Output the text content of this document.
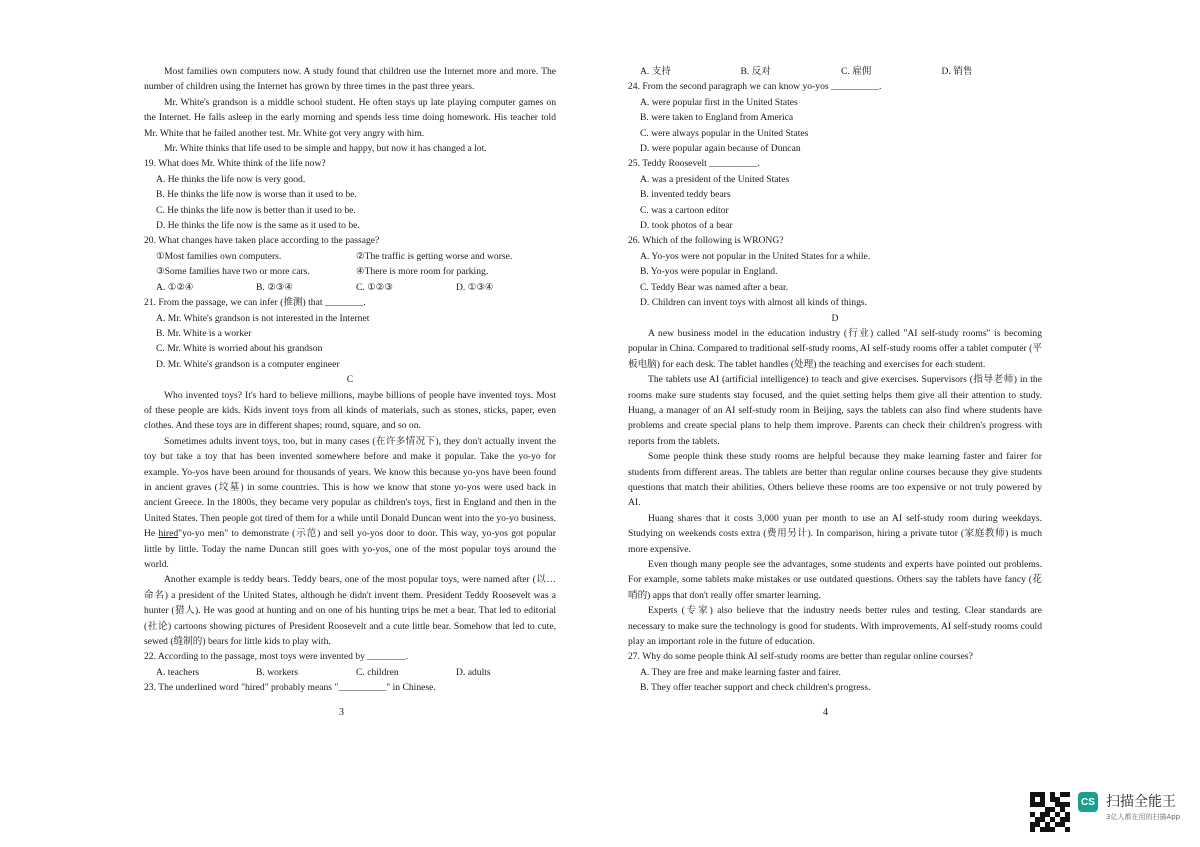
Most families own computers now. A study found that children use the Internet more and more. The number of children using the Internet has grown by three times in the past three years.

Mr. White's grandson is a middle school student. He often stays up late playing computer games on the Internet. He falls asleep in the early morning and spends less time doing homework. His teacher told Mr. White that he failed another test. Mr. White got very angry with him.

Mr. White thinks that life used to be simple and happy, but now it has changed a lot.

19. What does Mr. White think of the life now?

A. He thinks the life now is very good.

B. He thinks the life now is worse than it used to be.

C. He thinks the life now is better than it used to be.

D. He thinks the life now is the same as it used to be.

20. What changes have taken place according to the passage?

①Most families own computers.	②The traffic is getting worse and worse.
③Some families have two or more cars.	④There is more room for parking.
A. ①②④	B. ②③④	C. ①②③	D. ①③④

21. From the passage, we can infer (推测) that ________.

A. Mr. White's grandson is not interested in the Internet

B. Mr. White is a worker

C. Mr. White is worried about his grandson

D. Mr. White's grandson is a computer engineer

C

Who invented toys? It's hard to believe millions, maybe billions of people have invented toys. Most of these people are kids. Kids invent toys from all kinds of materials, such as stones, sticks, paper, even clothes. And these toys are in different shapes; round, square, and so on.

Sometimes adults invent toys, too, but in many cases (在许多情况下), they don't actually invent the toy but take a toy that has been invented somewhere before and make it popular. Take the yo-yo for example. Yo-yos have been around for thousands of years. We know this because yo-yos have been found in ancient graves (坟墓) in some countries. This is how we know that stone yo-yos were used back in ancient Greece. In the 1800s, they became very popular as children's toys, first in England and then in the United States. Then people got tired of them for a while until Donald Duncan went into the yo-yo business. He hired"yo-yo men" to demonstrate (示范) and sell yo-yos door to door. This way, yo-yos got popular little by little. Today the name Duncan still goes with yo-yos, one of the most popular toys around the world.

Another example is teddy bears. Teddy bears, one of the most popular toys, were named after (以…命名) a president of the United States, although he didn't invent them. President Teddy Roosevelt was a hunter (猎人). He was good at hunting and on one of his hunting trips he met a bear. That led to editorial (社论) cartoons showing pictures of President Roosevelt and a cute little bear. Somehow that led to cute, sewed (缝制的) bears for little kids to play with.

22. According to the passage, most toys were invented by ________.

A. teachers	B. workers	C. children	D. adults

23. The underlined word "hired" probably means "__________" in Chinese.

3
A. 支持	B. 反对	C. 雇佣	D. 销售

24. From the second paragraph we can know yo-yos __________.

A. were popular first in the United States

B. were taken to England from America

C. were always popular in the United States

D. were popular again because of Duncan

25. Teddy Roosevelt __________.

A. was a president of the United States

B. invented teddy bears

C. was a cartoon editor

D. took photos of a bear

26. Which of the following is WRONG?

A. Yo-yos were not popular in the United States for a while.

B. Yo-yos were popular in England.

C. Teddy Bear was named after a bear.

D. Children can invent toys with almost all kinds of things.

D

A new business model in the education industry (行业) called "AI self-study rooms" is becoming popular in China. Compared to traditional self-study rooms, AI self-study rooms offer a tablet computer (平板电脑) for each desk. The tablet handles (处理) the teaching and exercises for each student.

The tablets use AI (artificial intelligence) to teach and give exercises. Supervisors (指导老师) in the rooms make sure students stay focused, and the quiet setting helps them give all their attention to study. Huang, a manager of an AI self-study room in Beijing, says the tablets can also find where students have problems and create special plans to help them improve. Parents can check their children's progress with reports from the tablets.

Some people think these study rooms are helpful because they make learning faster and fairer for students from different areas. The tablets are better than regular online courses because they give students questions that match their abilities. Others believe these rooms are too expensive or not truly powered by AI.

Huang shares that it costs 3,000 yuan per month to use an AI self-study room during weekdays. Studying on weekends costs extra (费用另计). In comparison, hiring a private tutor (家庭教师) is much more expensive.

Even though many people see the advantages, some students and experts have pointed out problems. For example, some tablets make mistakes or use outdated questions. Others say the tablets have fancy (花哨的) apps that don't really offer smarter learning.

Experts (专家) also believe that the industry needs better rules and testing. Clear standards are necessary to make sure the technology is good for students. With improvements, AI self-study rooms could play an important role in the future of education.

27. Why do some people think AI self-study rooms are better than regular online courses?

A. They are free and make learning faster and fairer.

B. They offer teacher support and check children's progress.

4
CS 扫描全能王
3亿人都在用的扫描App
